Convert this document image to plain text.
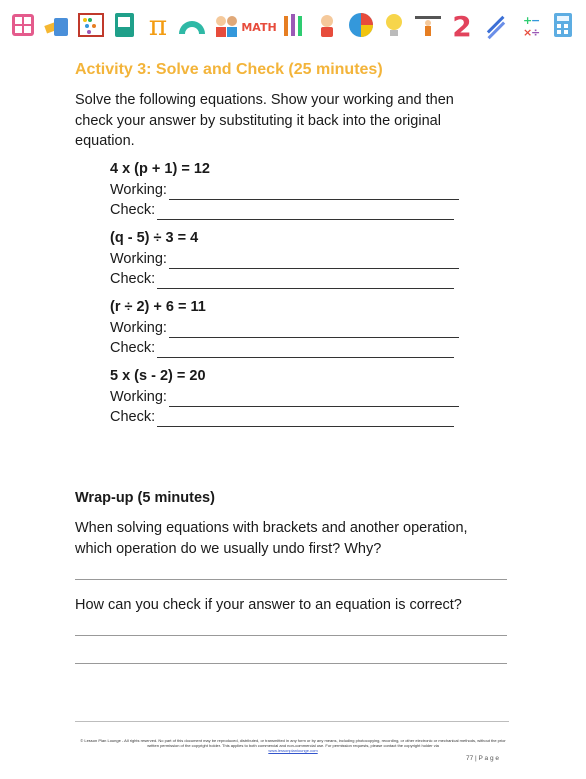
π	MATH	2	+
−
×
÷
Activity 3: Solve and Check (25 minutes)
Solve the following equations. Show your working and then check your answer by substituting it back into the original equation.
4 x (p + 1) = 12
Working:
Check:
(q - 5) ÷ 3 = 4
Working:
Check:
(r ÷ 2) + 6 = 11
Working:
Check:
5 x (s - 2) = 20
Working:
Check:
Wrap-up (5 minutes)
When solving equations with brackets and another operation, which operation do we usually undo first? Why?
How can you check if your answer to an equation is correct?
© Lesson Plan Lounge - All rights reserved. No part of this document may be reproduced, distributed, or transmitted in any form or by any means, including photocopying, recording, or other electronic or mechanical methods, without the prior written permission of the copyright holder. This applies to both commercial and non-commercial use. For permission requests, please contact the copyright holder via
www.lessonplanlounge.com
77 | P a g e
